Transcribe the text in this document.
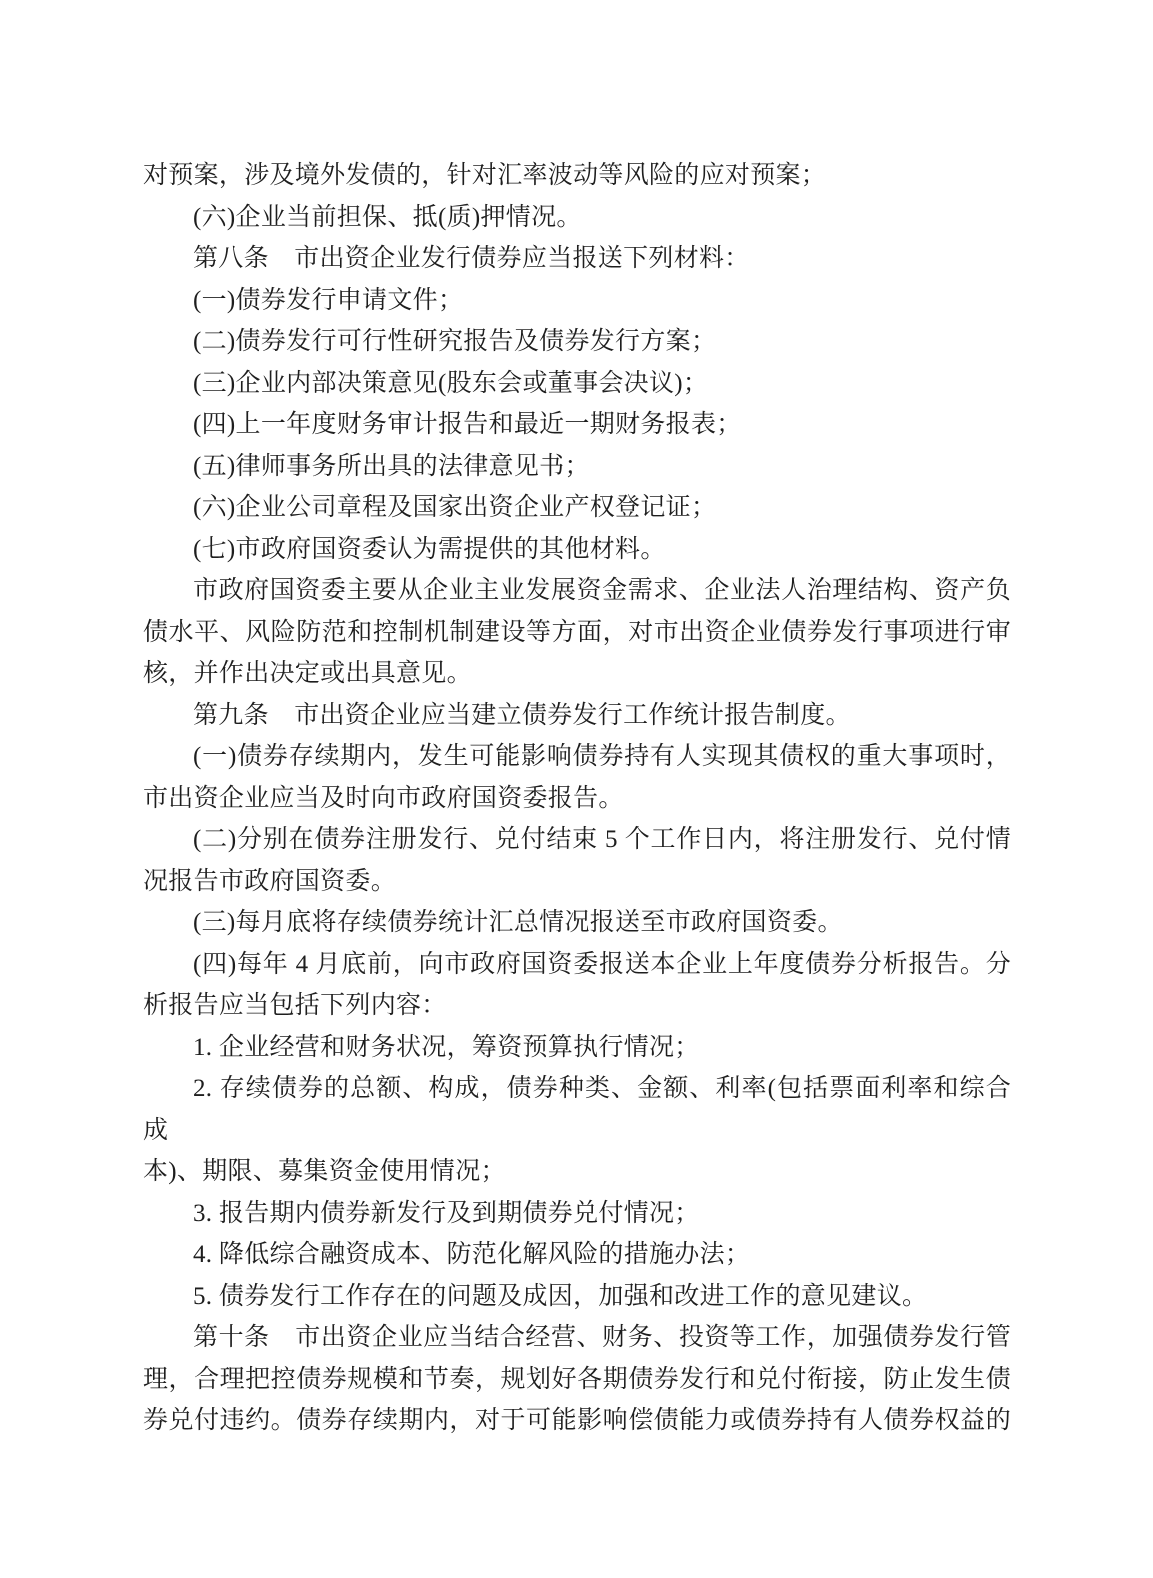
对预案，涉及境外发债的，针对汇率波动等风险的应对预案；
(六)企业当前担保、抵(质)押情况。
第八条　市出资企业发行债券应当报送下列材料：
(一)债券发行申请文件；
(二)债券发行可行性研究报告及债券发行方案；
(三)企业内部决策意见(股东会或董事会决议)；
(四)上一年度财务审计报告和最近一期财务报表；
(五)律师事务所出具的法律意见书；
(六)企业公司章程及国家出资企业产权登记证；
(七)市政府国资委认为需提供的其他材料。
市政府国资委主要从企业主业发展资金需求、企业法人治理结构、资产负
债水平、风险防范和控制机制建设等方面，对市出资企业债券发行事项进行审
核，并作出决定或出具意见。
第九条　市出资企业应当建立债券发行工作统计报告制度。
(一)债券存续期内，发生可能影响债券持有人实现其债权的重大事项时，
市出资企业应当及时向市政府国资委报告。
(二)分别在债券注册发行、兑付结束 5 个工作日内，将注册发行、兑付情
况报告市政府国资委。
(三)每月底将存续债券统计汇总情况报送至市政府国资委。
(四)每年 4 月底前，向市政府国资委报送本企业上年度债券分析报告。分
析报告应当包括下列内容：
1. 企业经营和财务状况，筹资预算执行情况；
2. 存续债券的总额、构成，债券种类、金额、利率(包括票面利率和综合成
本)、期限、募集资金使用情况；
3. 报告期内债券新发行及到期债券兑付情况；
4. 降低综合融资成本、防范化解风险的措施办法；
5. 债券发行工作存在的问题及成因，加强和改进工作的意见建议。
第十条　市出资企业应当结合经营、财务、投资等工作，加强债券发行管
理，合理把控债券规模和节奏，规划好各期债券发行和兑付衔接，防止发生债
券兑付违约。债券存续期内，对于可能影响偿债能力或债券持有人债券权益的
